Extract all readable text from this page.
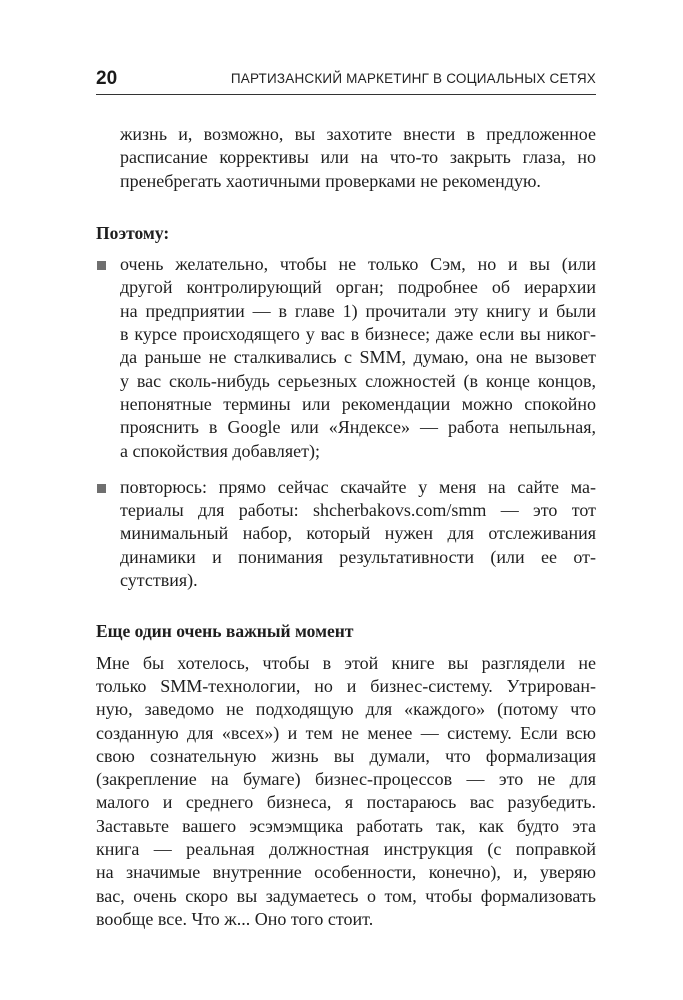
20	ПАРТИЗАНСКИЙ МАРКЕТИНГ В СОЦИАЛЬНЫХ СЕТЯХ
жизнь и, возможно, вы захотите внести в предложенное
расписание коррективы или на что-то закрыть глаза, но
пренебрегать хаотичными проверками не рекомендую.
Поэтому:
очень желательно, чтобы не только Сэм, но и вы (или
другой контролирующий орган; подробнее об иерархии
на предприятии — в главе 1) прочитали эту книгу и были
в курсе происходящего у вас в бизнесе; даже если вы никог-
да раньше не сталкивались с SMM, думаю, она не вызовет
у вас сколь-нибудь серьезных сложностей (в конце концов,
непонятные термины или рекомендации можно спокойно
прояснить в Google или «Яндексе» — работа непыльная,
а спокойствия добавляет);
повторюсь: прямо сейчас скачайте у меня на сайте ма-
териалы для работы: shcherbakovs.com/smm — это тот
минимальный набор, который нужен для отслеживания
динамики и понимания результативности (или ее от-
сутствия).
Еще один очень важный момент
Мне бы хотелось, чтобы в этой книге вы разглядели не
только SMM-технологии, но и бизнес-систему. Утрирован-
ную, заведомо не подходящую для «каждого» (потому что
созданную для «всех») и тем не менее — систему. Если всю
свою сознательную жизнь вы думали, что формализация
(закрепление на бумаге) бизнес-процессов — это не для
малого и среднего бизнеса, я постараюсь вас разубедить.
Заставьте вашего эсэмэмщика работать так, как будто эта
книга — реальная должностная инструкция (с поправкой
на значимые внутренние особенности, конечно), и, уверяю
вас, очень скоро вы задумаетесь о том, чтобы формализовать
вообще все. Что ж... Оно того стоит.
